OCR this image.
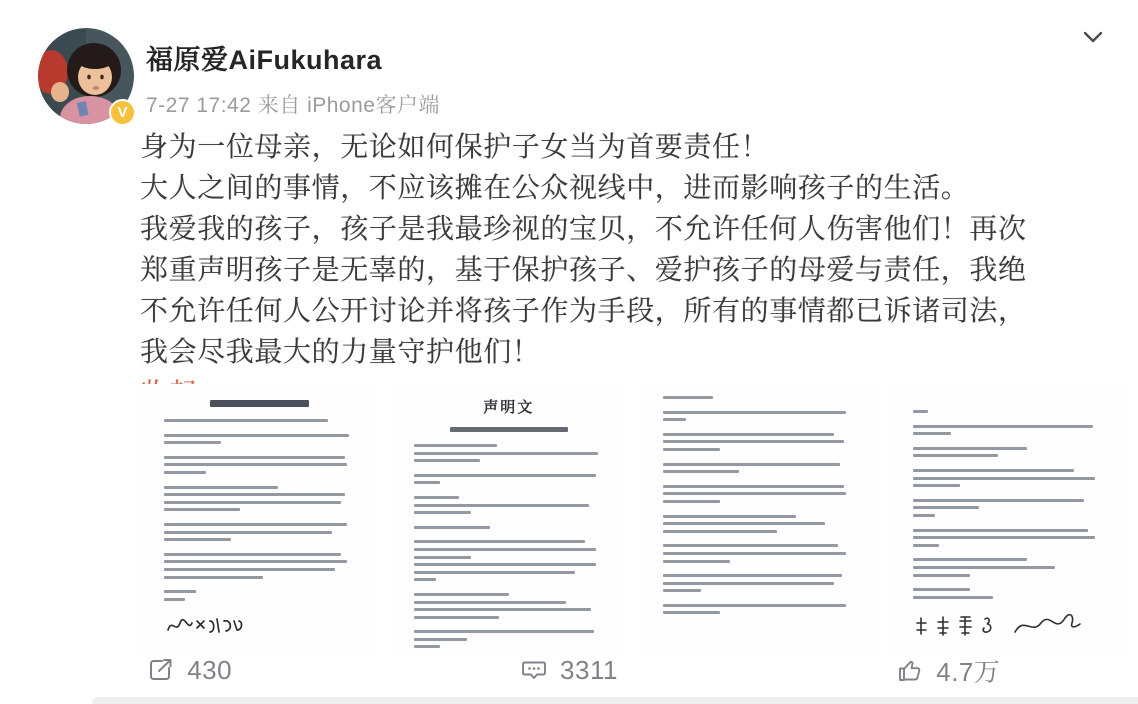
V
福原爱AiFukuhara
7-27 17:42 来自 iPhone客户端

身为一位母亲，无论如何保护子女当为首要责任！

大人之间的事情，不应该摊在公众视线中，进而影响孩子的生活。

我爱我的孩子，孩子是我最珍视的宝贝，不允许任何人伤害他们！再次郑重声明孩子是无辜的，基于保护孩子、爱护孩子的母爱与责任，我绝不允许任何人公开讨论并将孩子作为手段，所有的事情都已诉诸司法，我会尽我最大的力量守护他们！

声明文
430	3311	4.7万
